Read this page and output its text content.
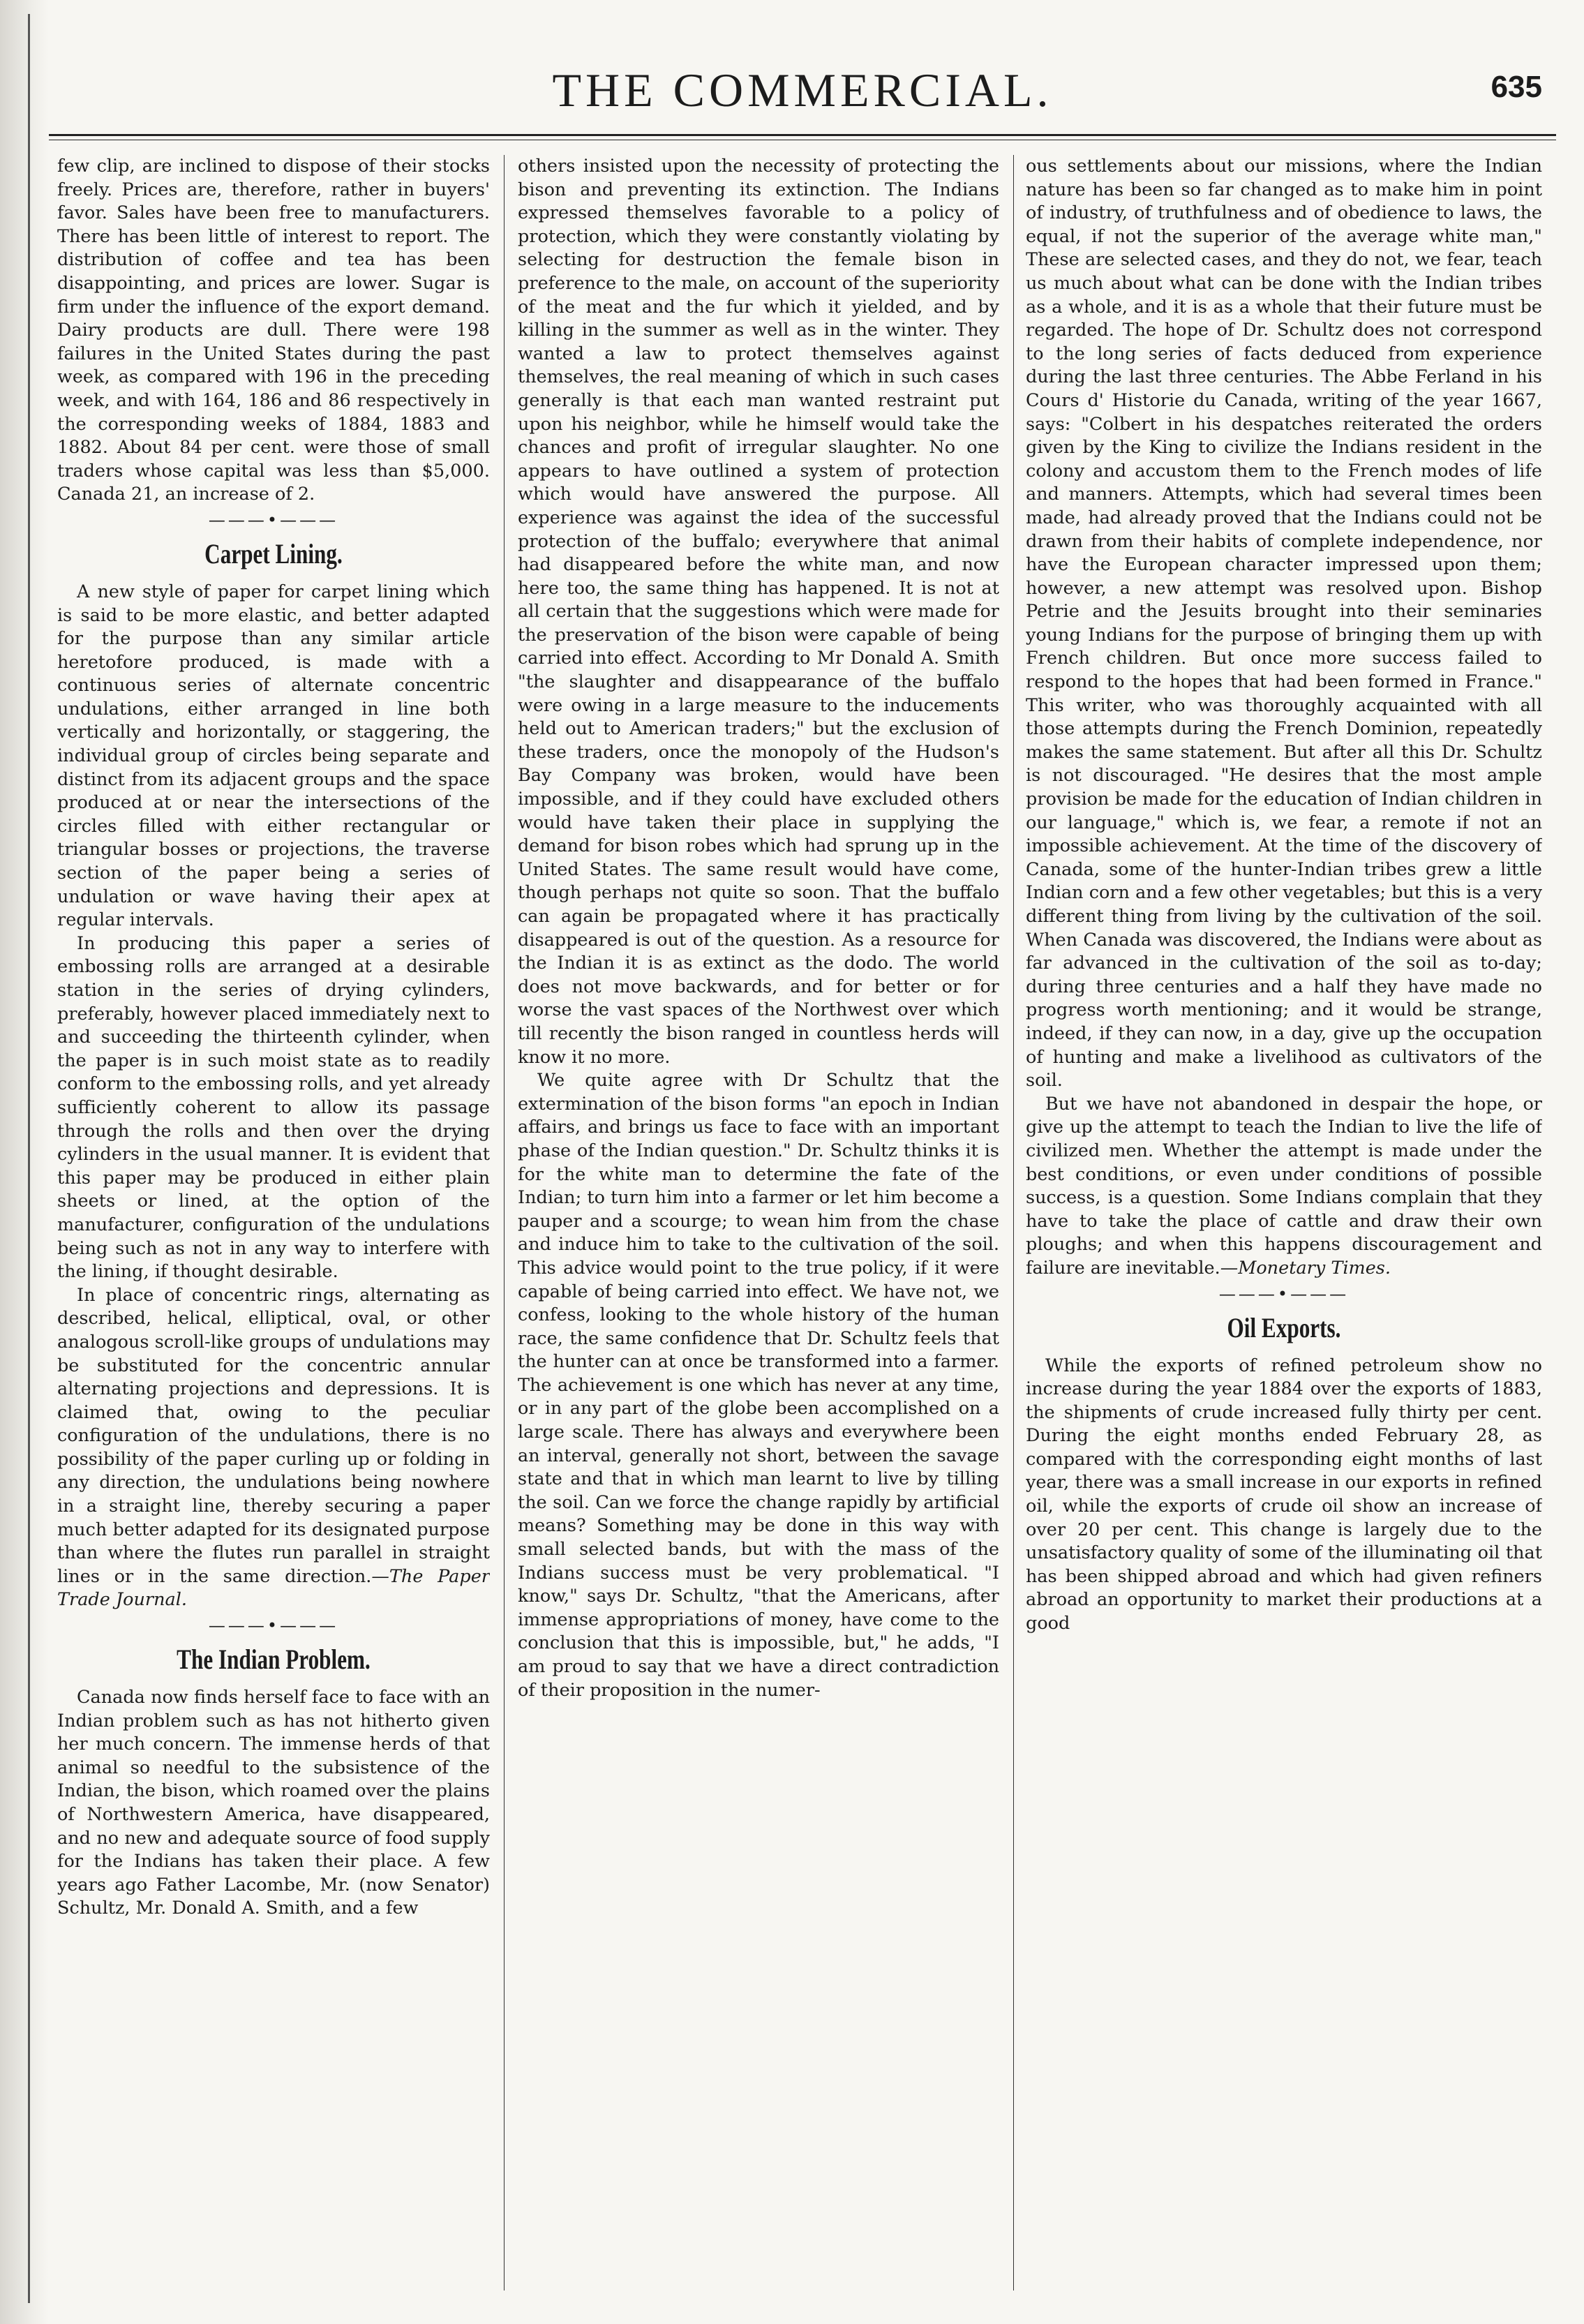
THE COMMERCIAL.	635

few clip, are inclined to dispose of their stocks freely. Prices are, therefore, rather in buyers' favor. Sales have been free to manufacturers. There has been little of interest to report. The distribution of coffee and tea has been disappointing, and prices are lower. Sugar is firm under the influence of the export demand. Dairy products are dull. There were 198 failures in the United States during the past week, as compared with 196 in the preceding week, and with 164, 186 and 86 respectively in the corresponding weeks of 1884, 1883 and 1882. About 84 per cent. were those of small traders whose capital was less than $5,000. Canada 21, an increase of 2.

———•———
Carpet Lining.

A new style of paper for carpet lining which is said to be more elastic, and better adapted for the purpose than any similar article heretofore produced, is made with a continuous series of alternate concentric undulations, either arranged in line both vertically and horizontally, or staggering, the individual group of circles being separate and distinct from its adjacent groups and the space produced at or near the intersections of the circles filled with either rectangular or triangular bosses or projections, the traverse section of the paper being a series of undulation or wave having their apex at regular intervals.

In producing this paper a series of embossing rolls are arranged at a desirable station in the series of drying cylinders, preferably, however placed immediately next to and succeeding the thirteenth cylinder, when the paper is in such moist state as to readily conform to the embossing rolls, and yet already sufficiently coherent to allow its passage through the rolls and then over the drying cylinders in the usual manner. It is evident that this paper may be produced in either plain sheets or lined, at the option of the manufacturer, configuration of the undulations being such as not in any way to interfere with the lining, if thought desirable.

In place of concentric rings, alternating as described, helical, elliptical, oval, or other analogous scroll-like groups of undulations may be substituted for the concentric annular alternating projections and depressions. It is claimed that, owing to the peculiar configuration of the undulations, there is no possibility of the paper curling up or folding in any direction, the undulations being nowhere in a straight line, thereby securing a paper much better adapted for its designated purpose than where the flutes run parallel in straight lines or in the same direction.—The Paper Trade Journal.

———•———
The Indian Problem.

Canada now finds herself face to face with an Indian problem such as has not hitherto given her much concern. The immense herds of that animal so needful to the subsistence of the Indian, the bison, which roamed over the plains of Northwestern America, have disappeared, and no new and adequate source of food supply for the Indians has taken their place. A few years ago Father Lacombe, Mr. (now Senator) Schultz, Mr. Donald A. Smith, and a few

others insisted upon the necessity of protecting the bison and preventing its extinction. The Indians expressed themselves favorable to a policy of protection, which they were constantly violating by selecting for destruction the female bison in preference to the male, on account of the superiority of the meat and the fur which it yielded, and by killing in the summer as well as in the winter. They wanted a law to protect themselves against themselves, the real meaning of which in such cases generally is that each man wanted restraint put upon his neighbor, while he himself would take the chances and profit of irregular slaughter. No one appears to have outlined a system of protection which would have answered the purpose. All experience was against the idea of the successful protection of the buffalo; everywhere that animal had disappeared before the white man, and now here too, the same thing has happened. It is not at all certain that the suggestions which were made for the preservation of the bison were capable of being carried into effect. According to Mr Donald A. Smith "the slaughter and disappearance of the buffalo were owing in a large measure to the inducements held out to American traders;" but the exclusion of these traders, once the monopoly of the Hudson's Bay Company was broken, would have been impossible, and if they could have excluded others would have taken their place in supplying the demand for bison robes which had sprung up in the United States. The same result would have come, though perhaps not quite so soon. That the buffalo can again be propagated where it has practically disappeared is out of the question. As a resource for the Indian it is as extinct as the dodo. The world does not move backwards, and for better or for worse the vast spaces of the Northwest over which till recently the bison ranged in countless herds will know it no more.

We quite agree with Dr Schultz that the extermination of the bison forms "an epoch in Indian affairs, and brings us face to face with an important phase of the Indian question." Dr. Schultz thinks it is for the white man to determine the fate of the Indian; to turn him into a farmer or let him become a pauper and a scourge; to wean him from the chase and induce him to take to the cultivation of the soil. This advice would point to the true policy, if it were capable of being carried into effect. We have not, we confess, looking to the whole history of the human race, the same confidence that Dr. Schultz feels that the hunter can at once be transformed into a farmer. The achievement is one which has never at any time, or in any part of the globe been accomplished on a large scale. There has always and everywhere been an interval, generally not short, between the savage state and that in which man learnt to live by tilling the soil. Can we force the change rapidly by artificial means? Something may be done in this way with small selected bands, but with the mass of the Indians success must be very problematical. "I know," says Dr. Schultz, "that the Americans, after immense appropriations of money, have come to the conclusion that this is impossible, but," he adds, "I am proud to say that we have a direct contradiction of their proposition in the numer-

ous settlements about our missions, where the Indian nature has been so far changed as to make him in point of industry, of truthfulness and of obedience to laws, the equal, if not the superior of the average white man," These are selected cases, and they do not, we fear, teach us much about what can be done with the Indian tribes as a whole, and it is as a whole that their future must be regarded. The hope of Dr. Schultz does not correspond to the long series of facts deduced from experience during the last three centuries. The Abbe Ferland in his Cours d' Historie du Canada, writing of the year 1667, says: "Colbert in his despatches reiterated the orders given by the King to civilize the Indians resident in the colony and accustom them to the French modes of life and manners. Attempts, which had several times been made, had already proved that the Indians could not be drawn from their habits of complete independence, nor have the European character impressed upon them; however, a new attempt was resolved upon. Bishop Petrie and the Jesuits brought into their seminaries young Indians for the purpose of bringing them up with French children. But once more success failed to respond to the hopes that had been formed in France." This writer, who was thoroughly acquainted with all those attempts during the French Dominion, repeatedly makes the same statement. But after all this Dr. Schultz is not discouraged. "He desires that the most ample provision be made for the education of Indian children in our language," which is, we fear, a remote if not an impossible achievement. At the time of the discovery of Canada, some of the hunter-Indian tribes grew a little Indian corn and a few other vegetables; but this is a very different thing from living by the cultivation of the soil. When Canada was discovered, the Indians were about as far advanced in the cultivation of the soil as to-day; during three centuries and a half they have made no progress worth mentioning; and it would be strange, indeed, if they can now, in a day, give up the occupation of hunting and make a livelihood as cultivators of the soil.

But we have not abandoned in despair the hope, or give up the attempt to teach the Indian to live the life of civilized men. Whether the attempt is made under the best conditions, or even under conditions of possible success, is a question. Some Indians complain that they have to take the place of cattle and draw their own ploughs; and when this happens discouragement and failure are inevitable.—Monetary Times.

———•———
Oil Exports.

While the exports of refined petroleum show no increase during the year 1884 over the exports of 1883, the shipments of crude increased fully thirty per cent. During the eight months ended February 28, as compared with the corresponding eight months of last year, there was a small increase in our exports in refined oil, while the exports of crude oil show an increase of over 20 per cent. This change is largely due to the unsatisfactory quality of some of the illuminating oil that has been shipped abroad and which had given refiners abroad an opportunity to market their productions at a good
